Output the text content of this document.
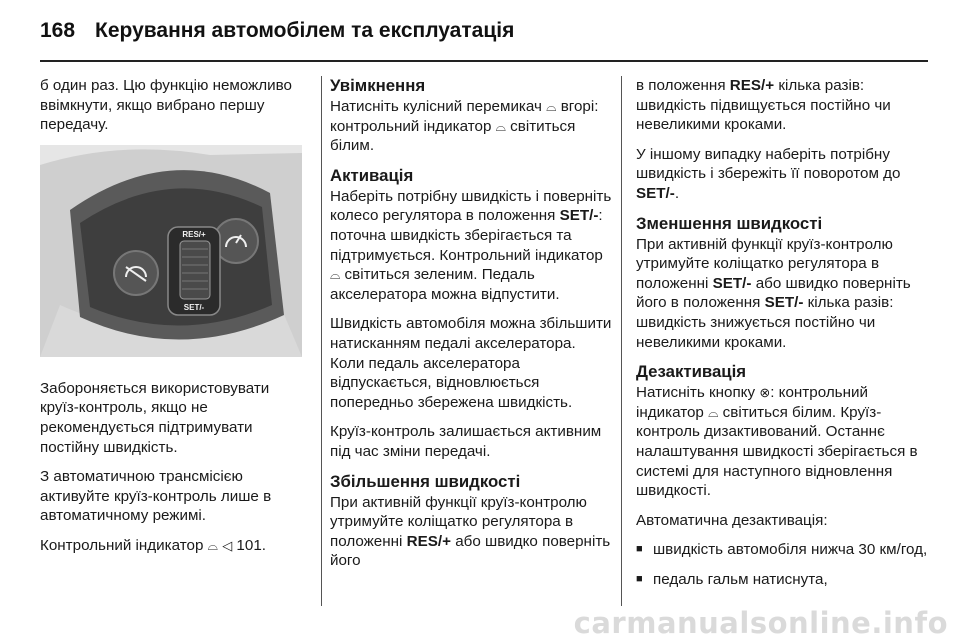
168 Керування автомобілем та експлуатація

б один раз. Цю функцію неможливо ввімкнути, якщо вибрано першу передачу.

RES/+
SET/-

Забороняється використовувати круїз-контроль, якщо не рекомендується підтримувати постійну швидкість.

З автоматичною трансмісією активуйте круїз-контроль лише в автоматичному режимі.

Контрольний індикатор ⌓ ◁ 101.

Увімкнення

Натисніть кулісний перемикач ⌓ вгорі: контрольний індикатор ⌓ світиться білим.

Активація

Наберіть потрібну швидкість і поверніть колесо регулятора в положення SET/-: поточна швидкість зберігається та підтримується. Контрольний індикатор ⌓ світиться зеленим. Педаль акселератора можна відпустити.

Швидкість автомобіля можна збільшити натисканням педалі акселератора. Коли педаль акселератора відпускається, відновлюється попередньо збережена швидкість.

Круїз-контроль залишається активним під час зміни передачі.

Збільшення швидкості

При активній функції круїз-контролю утримуйте коліщатко регулятора в положенні RES/+ або швидко поверніть його

в положення RES/+ кілька разів: швидкість підвищується постійно чи невеликими кроками.

У іншому випадку наберіть потрібну швидкість і збережіть її поворотом до SET/-.

Зменшення швидкості

При активній функції круїз-контролю утримуйте коліщатко регулятора в положенні SET/- або швидко поверніть його в положення SET/- кілька разів: швидкість знижується постійно чи невеликими кроками.

Дезактивація

Натисніть кнопку ⊗: контрольний індикатор ⌓ світиться білим. Круїз-контроль дизактивований. Останнє налаштування швидкості зберігається в системі для наступного відновлення швидкості.

Автоматична дезактивація:

■ швидкість автомобіля нижча 30 км/год,
■ педаль гальм натиснута,
carmanualsonline.info
